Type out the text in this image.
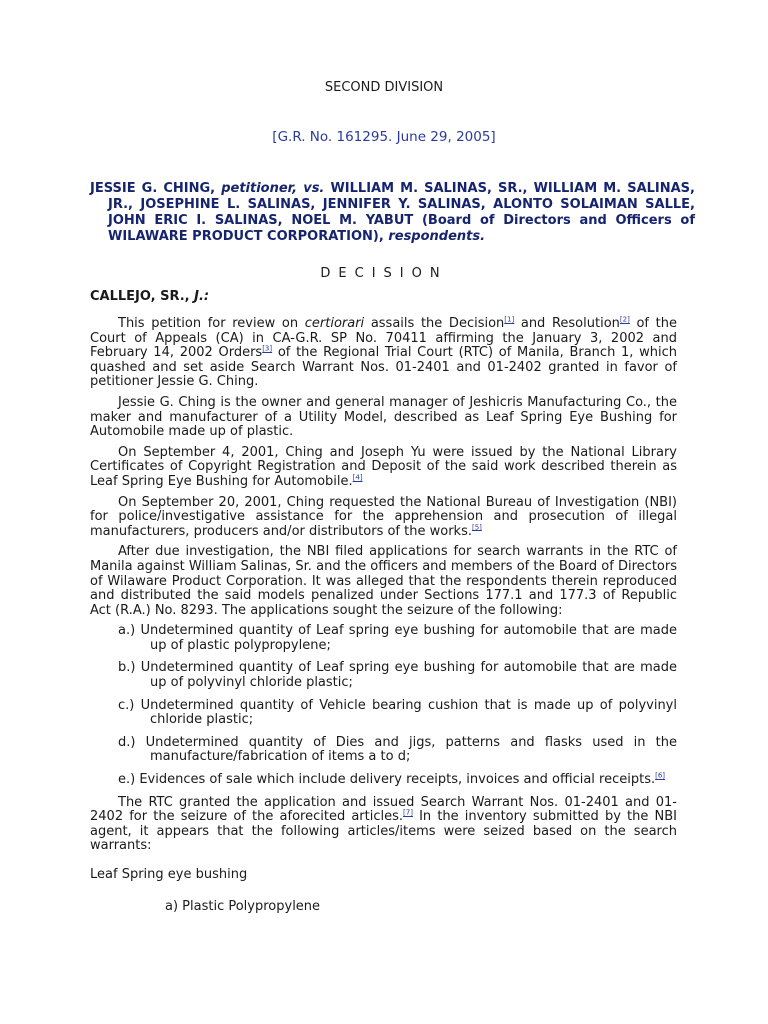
SECOND DIVISION
[G.R. No. 161295. June 29, 2005]
JESSIE G. CHING, petitioner, vs. WILLIAM M. SALINAS, SR., WILLIAM M. SALINAS, JR., JOSEPHINE L. SALINAS, JENNIFER Y. SALINAS, ALONTO SOLAIMAN SALLE, JOHN ERIC I. SALINAS, NOEL M. YABUT (Board of Directors and Officers of WILAWARE PRODUCT CORPORATION), respondents.
DECISION
CALLEJO, SR., J.:

This petition for review on certiorari assails the Decision[1] and Resolution[2] of the Court of Appeals (CA) in CA-G.R. SP No. 70411 affirming the January 3, 2002 and February 14, 2002 Orders[3] of the Regional Trial Court (RTC) of Manila, Branch 1, which quashed and set aside Search Warrant Nos. 01-2401 and 01-2402 granted in favor of petitioner Jessie G. Ching.

Jessie G. Ching is the owner and general manager of Jeshicris Manufacturing Co., the maker and manufacturer of a Utility Model, described as Leaf Spring Eye Bushing for Automobile made up of plastic.

On September 4, 2001, Ching and Joseph Yu were issued by the National Library Certificates of Copyright Registration and Deposit of the said work described therein as Leaf Spring Eye Bushing for Automobile.[4]

On September 20, 2001, Ching requested the National Bureau of Investigation (NBI) for police/investigative assistance for the apprehension and prosecution of illegal manufacturers, producers and/or distributors of the works.[5]

After due investigation, the NBI filed applications for search warrants in the RTC of Manila against William Salinas, Sr. and the officers and members of the Board of Directors of Wilaware Product Corporation. It was alleged that the respondents therein reproduced and distributed the said models penalized under Sections 177.1 and 177.3 of Republic Act (R.A.) No. 8293. The applications sought the seizure of the following:

a.) Undetermined quantity of Leaf spring eye bushing for automobile that are made up of plastic polypropylene;
b.) Undetermined quantity of Leaf spring eye bushing for automobile that are made up of polyvinyl chloride plastic;
c.) Undetermined quantity of Vehicle bearing cushion that is made up of polyvinyl chloride plastic;
d.) Undetermined quantity of Dies and jigs, patterns and flasks used in the manufacture/fabrication of items a to d;
e.) Evidences of sale which include delivery receipts, invoices and official receipts.[6]

The RTC granted the application and issued Search Warrant Nos. 01-2401 and 01-2402 for the seizure of the aforecited articles.[7] In the inventory submitted by the NBI agent, it appears that the following articles/items were seized based on the search warrants:

Leaf Spring eye bushing
a) Plastic Polypropylene
